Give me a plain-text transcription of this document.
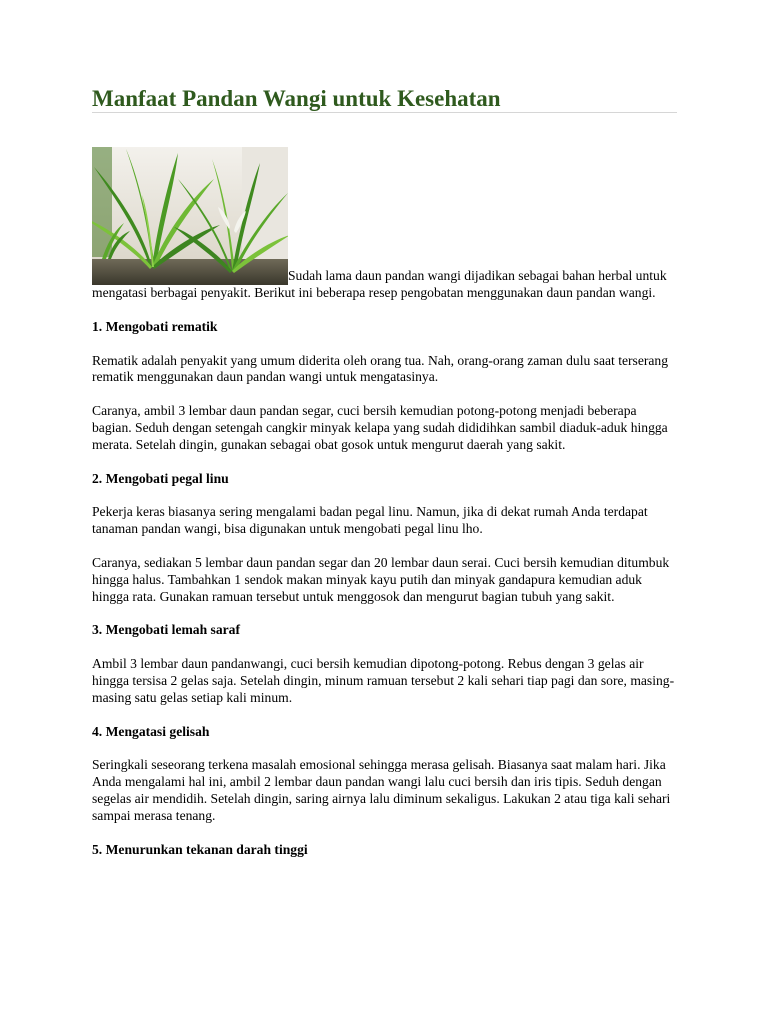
Manfaat Pandan Wangi untuk Kesehatan

Sudah lama daun pandan wangi dijadikan sebagai bahan herbal untuk mengatasi berbagai penyakit. Berikut ini beberapa resep pengobatan menggunakan daun pandan wangi.

1. Mengobati rematik

Rematik adalah penyakit yang umum diderita oleh orang tua. Nah, orang-orang zaman dulu saat terserang rematik menggunakan daun pandan wangi untuk mengatasinya.

Caranya, ambil 3 lembar daun pandan segar, cuci bersih kemudian potong-potong menjadi beberapa bagian. Seduh dengan setengah cangkir minyak kelapa yang sudah dididihkan sambil diaduk-aduk hingga merata. Setelah dingin, gunakan sebagai obat gosok untuk mengurut daerah yang sakit.

2. Mengobati pegal linu

Pekerja keras biasanya sering mengalami badan pegal linu. Namun, jika di dekat rumah Anda terdapat tanaman pandan wangi, bisa digunakan untuk mengobati pegal linu lho.

Caranya, sediakan 5 lembar daun pandan segar dan 20 lembar daun serai. Cuci bersih kemudian ditumbuk hingga halus. Tambahkan 1 sendok makan minyak kayu putih dan minyak gandapura kemudian aduk hingga rata. Gunakan ramuan tersebut untuk menggosok dan mengurut bagian tubuh yang sakit.

3. Mengobati lemah saraf

Ambil 3 lembar daun pandanwangi, cuci bersih kemudian dipotong-potong. Rebus dengan 3 gelas air hingga tersisa 2 gelas saja. Setelah dingin, minum ramuan tersebut 2 kali sehari tiap pagi dan sore, masing-masing satu gelas setiap kali minum.

4. Mengatasi gelisah

Seringkali seseorang terkena masalah emosional sehingga merasa gelisah. Biasanya saat malam hari. Jika Anda mengalami hal ini, ambil 2 lembar daun pandan wangi lalu cuci bersih dan iris tipis. Seduh dengan segelas air mendidih. Setelah dingin, saring airnya lalu diminum sekaligus. Lakukan 2 atau tiga kali sehari sampai merasa tenang.

5. Menurunkan tekanan darah tinggi
